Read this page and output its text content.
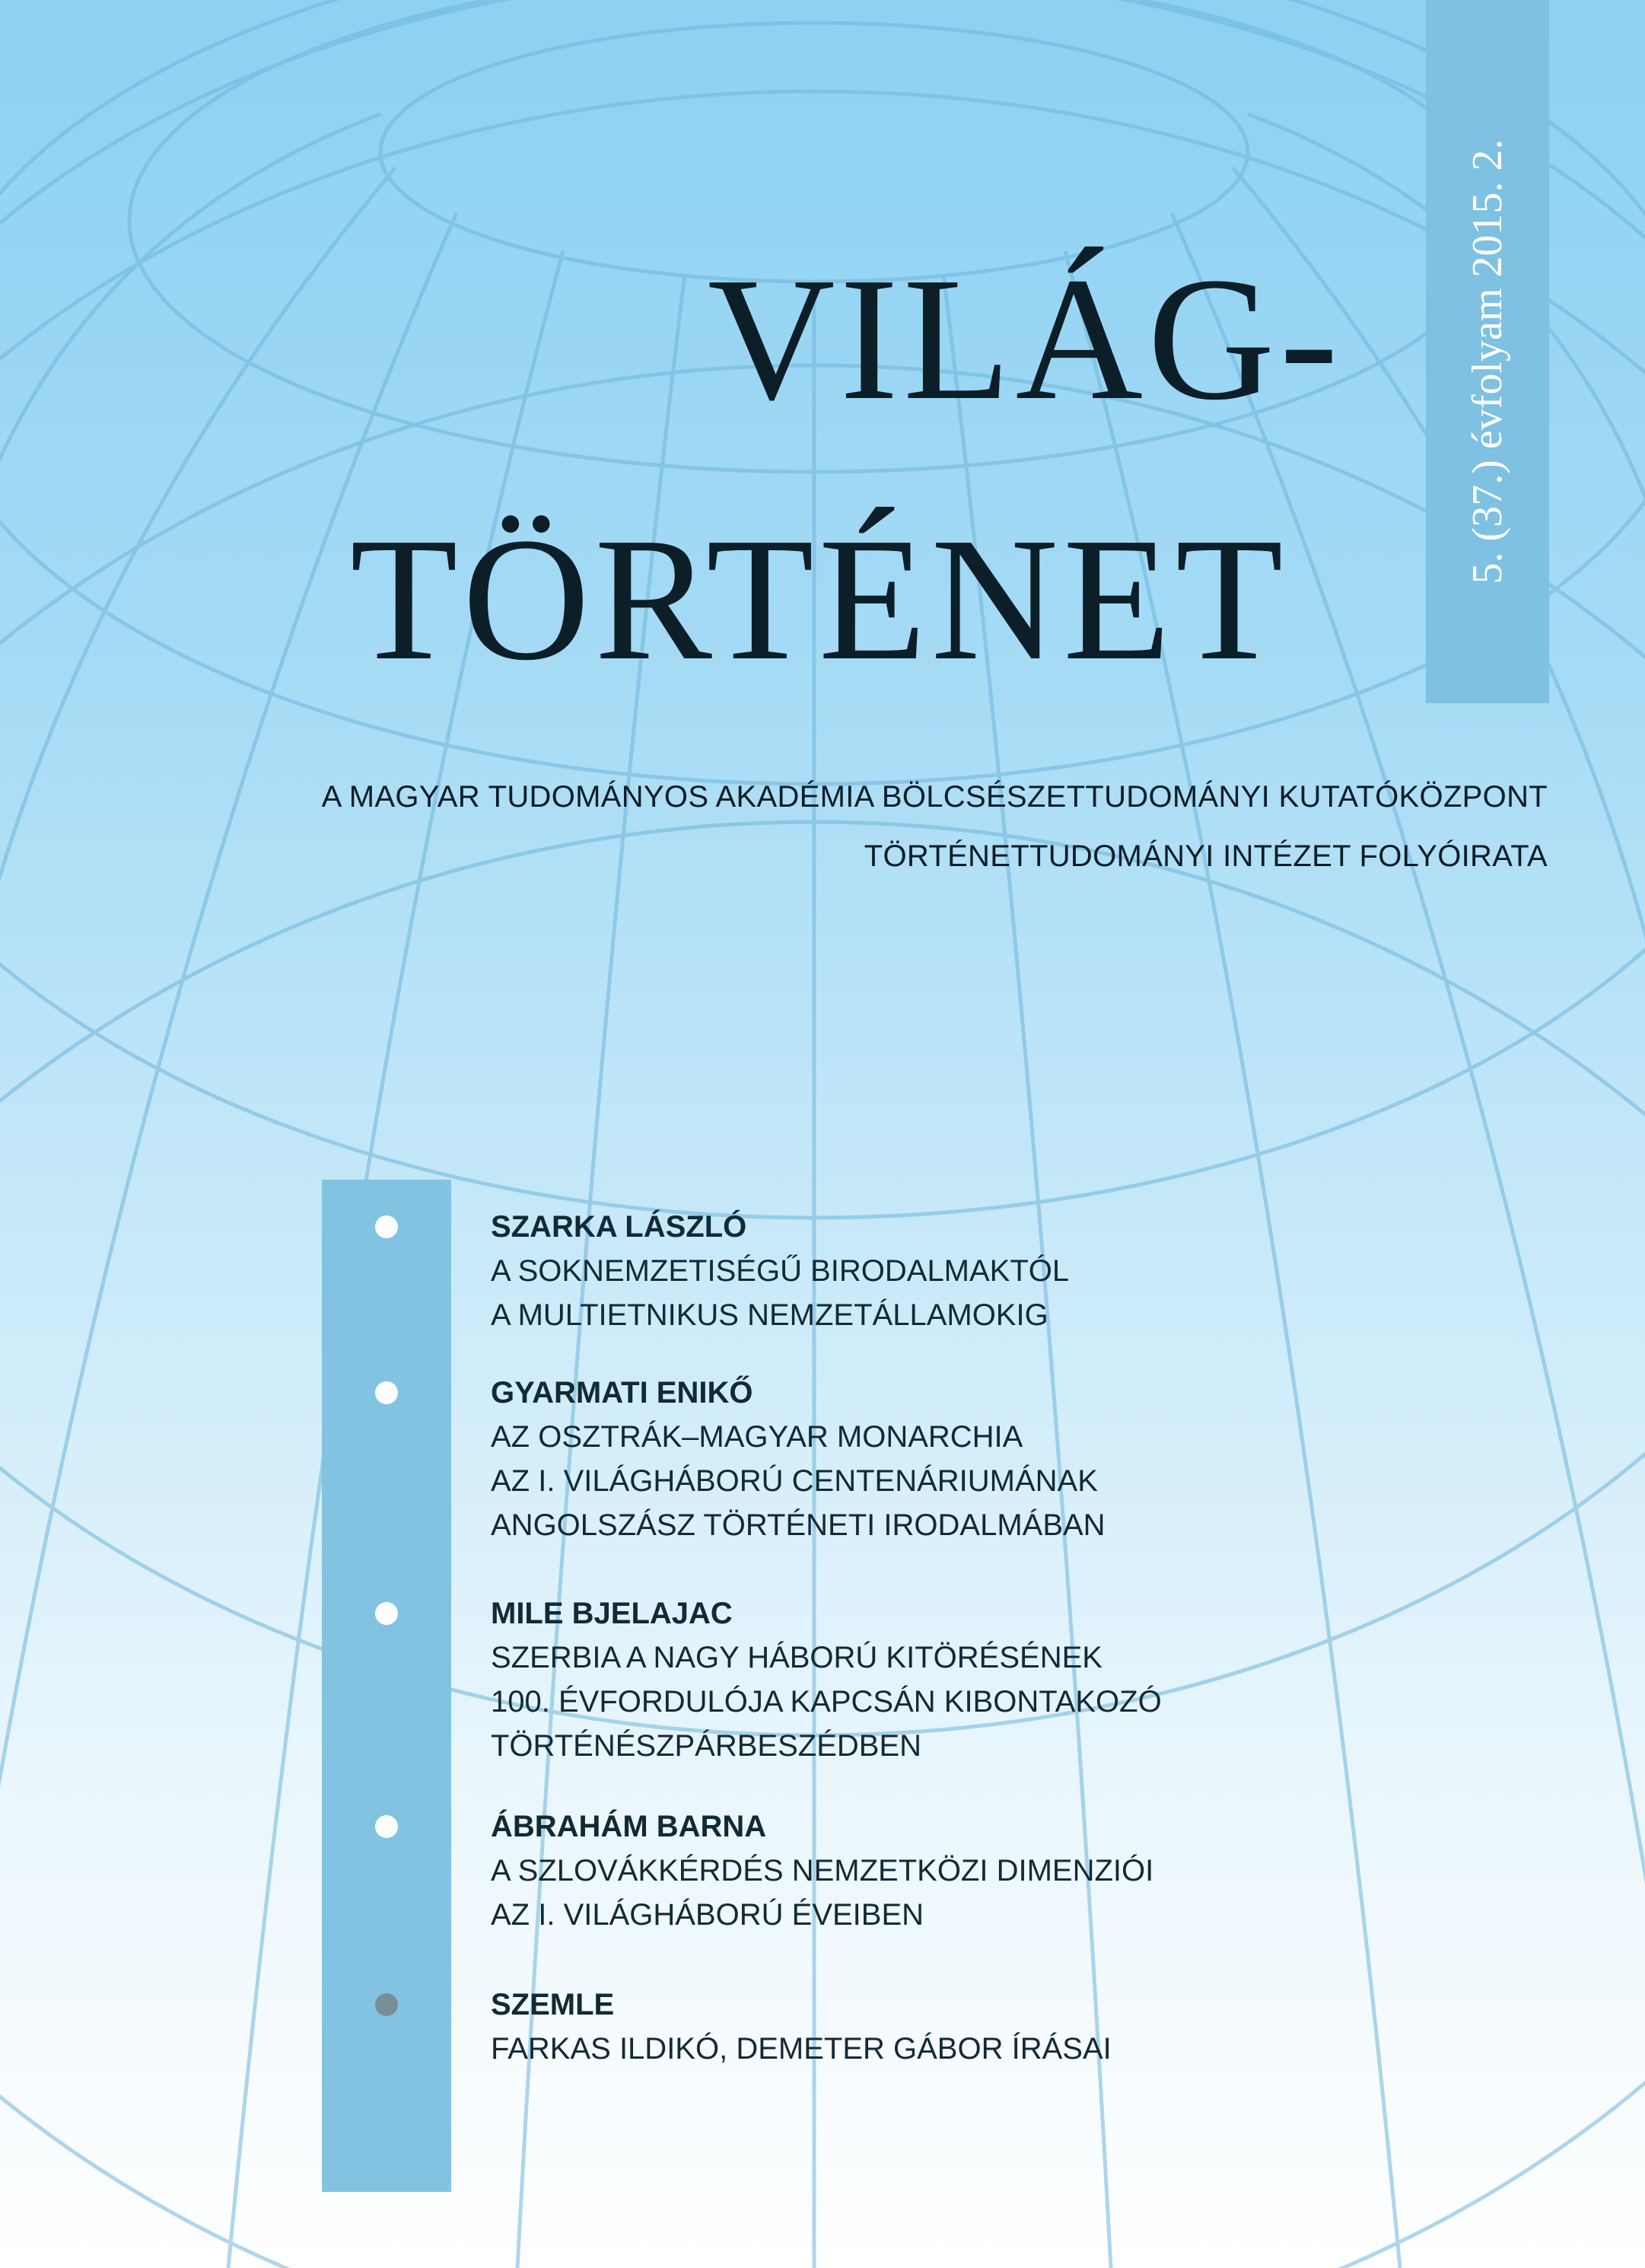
5. (37.) évfolyam 2015. 2.
VILÁG-
TÖRTÉNET
A MAGYAR TUDOMÁNYOS AKADÉMIA BÖLCSÉSZETTUDOMÁNYI KUTATÓKÖZPONT
TÖRTÉNETTUDOMÁNYI INTÉZET FOLYÓIRATA
SZARKA LÁSZLÓ
A SOKNEMZETISÉGŰ BIRODALMAKTÓL
A MULTIETNIKUS NEMZETÁLLAMOKIG
GYARMATI ENIKŐ
AZ OSZTRÁK–MAGYAR MONARCHIA
AZ I. VILÁGHÁBORÚ CENTENÁRIUMÁNAK
ANGOLSZÁSZ TÖRTÉNETI IRODALMÁBAN
MILE BJELAJAC
SZERBIA A NAGY HÁBORÚ KITÖRÉSÉNEK
100. ÉVFORDULÓJA KAPCSÁN KIBONTAKOZÓ
TÖRTÉNÉSZPÁRBESZÉDBEN
ÁBRAHÁM BARNA
A SZLOVÁKKÉRDÉS NEMZETKÖZI DIMENZIÓI
AZ I. VILÁGHÁBORÚ ÉVEIBEN
SZEMLE
FARKAS ILDIKÓ, DEMETER GÁBOR ÍRÁSAI
